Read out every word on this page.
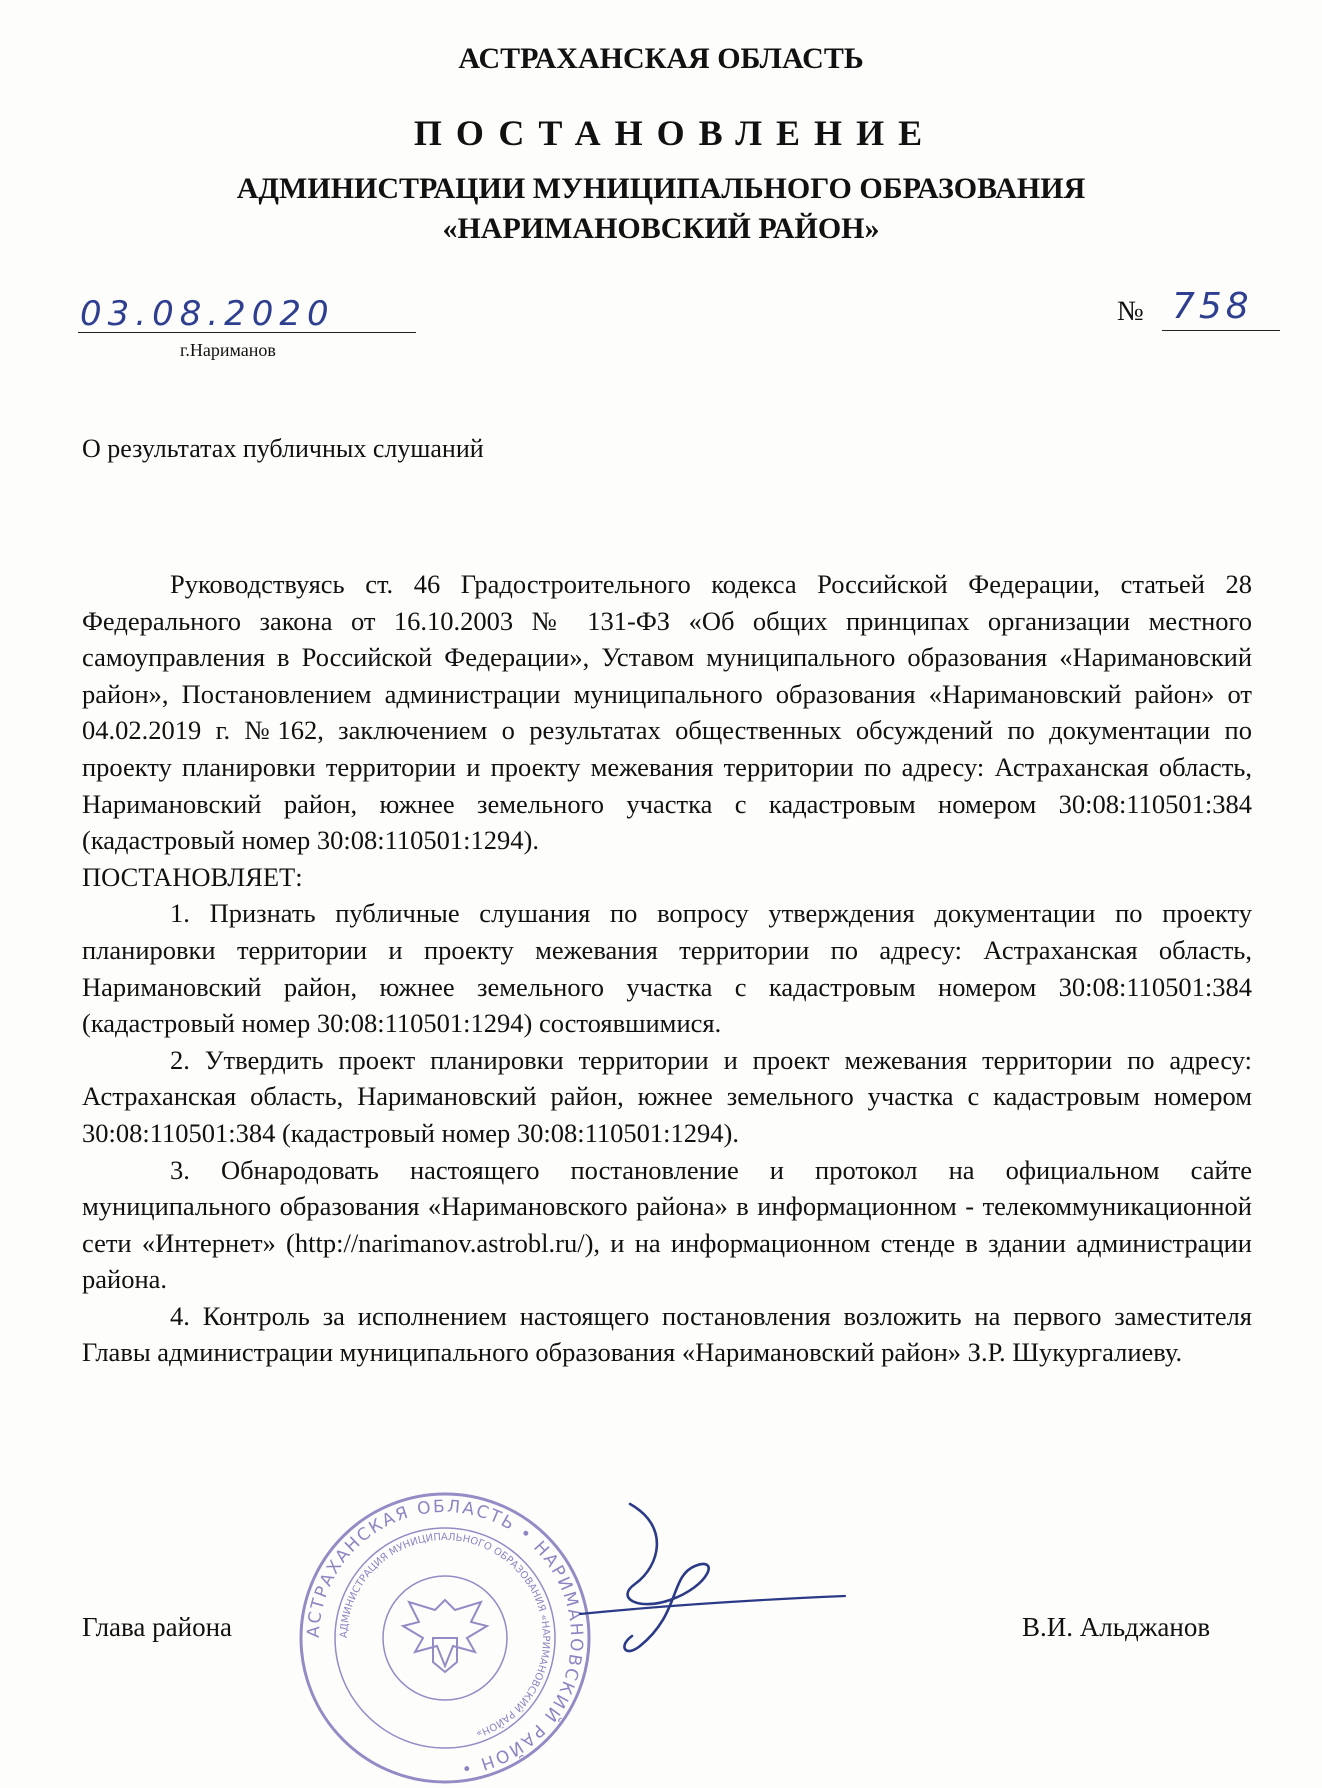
АСТРАХАНСКАЯ ОБЛАСТЬ
ПОСТАНОВЛЕНИЕ
АДМИНИСТРАЦИИ МУНИЦИПАЛЬНОГО ОБРАЗОВАНИЯ
«НАРИМАНОВСКИЙ РАЙОН»
03.08.2020
г.Нариманов
№ 758
О результатах публичных слушаний

Руководствуясь ст. 46 Градостроительного кодекса Российской Федерации, статьей 28 Федерального закона от 16.10.2003 № 131-ФЗ «Об общих принципах организации местного самоуправления в Российской Федерации», Уставом муниципального образования «Наримановский район», Постановлением администрации муниципального образования «Наримановский район» от 04.02.2019 г. №162, заключением о результатах общественных обсуждений по документации по проекту планировки территории и проекту межевания территории по адресу: Астраханская область, Наримановский район, южнее земельного участка с кадастровым номером 30:08:110501:384 (кадастровый номер 30:08:110501:1294).

ПОСТАНОВЛЯЕТ:

1. Признать публичные слушания по вопросу утверждения документации по проекту планировки территории и проекту межевания территории по адресу: Астраханская область, Наримановский район, южнее земельного участка с кадастровым номером 30:08:110501:384 (кадастровый номер 30:08:110501:1294) состоявшимися.

2. Утвердить проект планировки территории и проект межевания территории по адресу: Астраханская область, Наримановский район, южнее земельного участка с кадастровым номером 30:08:110501:384 (кадастровый номер 30:08:110501:1294).

3. Обнародовать настоящего постановление и протокол на официальном сайте муниципального образования «Наримановского района» в информационном - телекоммуникационной сети «Интернет» (http://narimanov.astrobl.ru/), и на информационном стенде в здании администрации района.

4. Контроль за исполнением настоящего постановления возложить на первого заместителя Главы администрации муниципального образования «Наримановский район» З.Р. Шукургалиеву.

АСТРАХАНСКАЯ ОБЛАСТЬ • НАРИМАНОВСКИЙ РАЙОН •
АДМИНИСТРАЦИЯ МУНИЦИПАЛЬНОГО ОБРАЗОВАНИЯ «НАРИМАНОВСКИЙ РАЙОН»
Глава района	В.И. Альджанов
